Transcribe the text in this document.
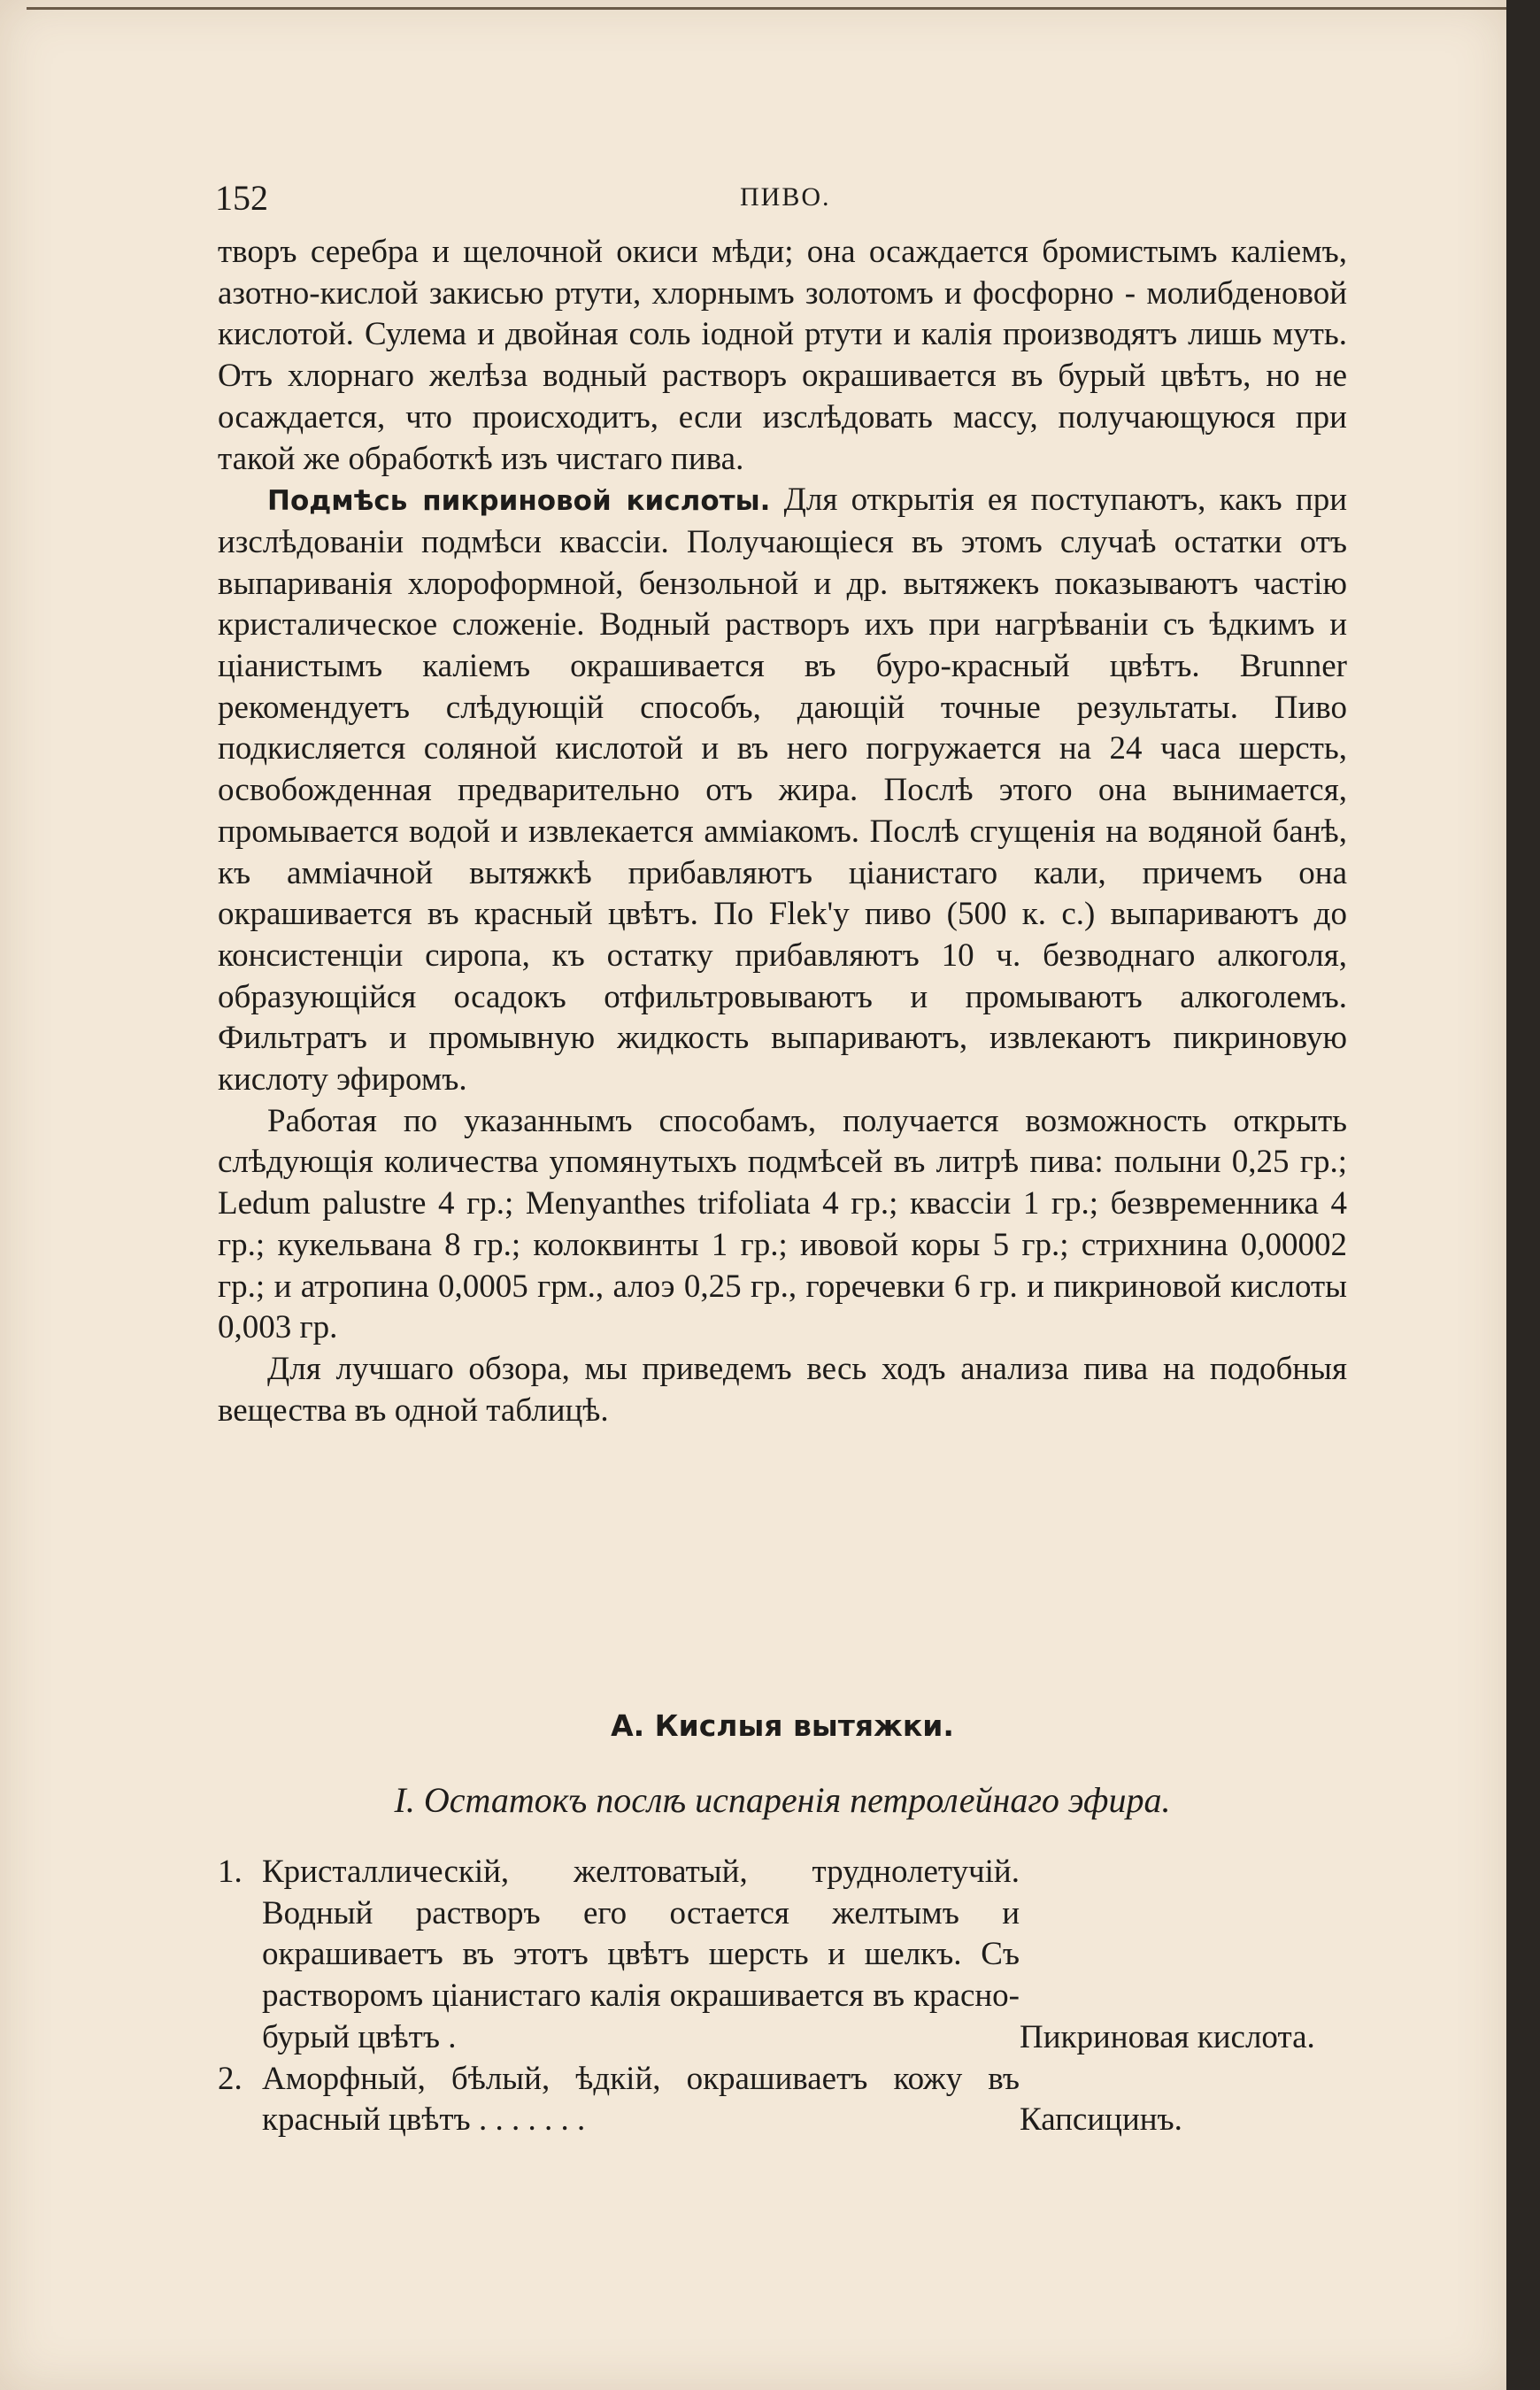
152	ПИВО.

творъ серебра и щелочной окиси мѣди; она осаждается бромистымъ каліемъ, азотно-кислой закисью ртути, хлорнымъ золотомъ и фосфорно - молибденовой кислотой. Сулема и двойная соль іодной ртути и калія производятъ лишь муть. Отъ хлорнаго желѣза водный растворъ окрашивается въ бурый цвѣтъ, но не осаждается, что происходитъ, если изслѣдовать массу, получающуюся при такой же обработкѣ изъ чистаго пива.

Подмѣсь пикриновой кислоты. Для открытія ея поступаютъ, какъ при изслѣдованіи подмѣси квассіи. Получающіеся въ этомъ случаѣ остатки отъ выпариванія хлороформной, бензольной и др. вытяжекъ показываютъ частію кристалическое сложеніе. Водный растворъ ихъ при нагрѣваніи съ ѣдкимъ и ціанистымъ каліемъ окрашивается въ буро-красный цвѣтъ. Brunner рекомендуетъ слѣдующій способъ, дающій точные результаты. Пиво подкисляется соляной кислотой и въ него погружается на 24 часа шерсть, освобожденная предварительно отъ жира. Послѣ этого она вынимается, промывается водой и извлекается амміакомъ. Послѣ сгущенія на водяной банѣ, къ амміачной вытяжкѣ прибавляютъ ціанистаго кали, причемъ она окрашивается въ красный цвѣтъ. По Flek'у пиво (500 к. с.) выпариваютъ до консистенціи сиропа, къ остатку прибавляютъ 10 ч. безводнаго алкоголя, образующійся осадокъ отфильтровываютъ и промываютъ алкоголемъ. Фильтратъ и промывную жидкость выпариваютъ, извлекаютъ пикриновую кислоту эфиромъ.

Работая по указаннымъ способамъ, получается возможность открыть слѣдующія количества упомянутыхъ подмѣсей въ литрѣ пива: полыни 0,25 гр.; Ledum palustre 4 гр.; Menyanthes trifoliata 4 гр.; квассіи 1 гр.; безвременника 4 гр.; кукельвана 8 гр.; колоквинты 1 гр.; ивовой коры 5 гр.; стрихнина 0,00002 гр.; и атропина 0,0005 грм., алоэ 0,25 гр., горечевки 6 гр. и пикриновой кислоты 0,003 гр.

Для лучшаго обзора, мы приведемъ весь ходъ анализа пива на подобныя вещества въ одной таблицѣ.

А. Кислыя вытяжки.
I. Остатокъ послѣ испаренія петролейнаго эфира.
1. Кристаллическій, желтоватый, труднолетучій. Водный растворъ его остается желтымъ и окрашиваетъ въ этотъ цвѣтъ шерсть и шелкъ. Съ растворомъ ціанистаго калія окрашивается въ красно-бурый цвѣтъ .	Пикриновая кислота.
2. Аморфный, бѣлый, ѣдкій, окрашиваетъ кожу въ красный цвѣтъ . . . . . . .	Капсицинъ.
